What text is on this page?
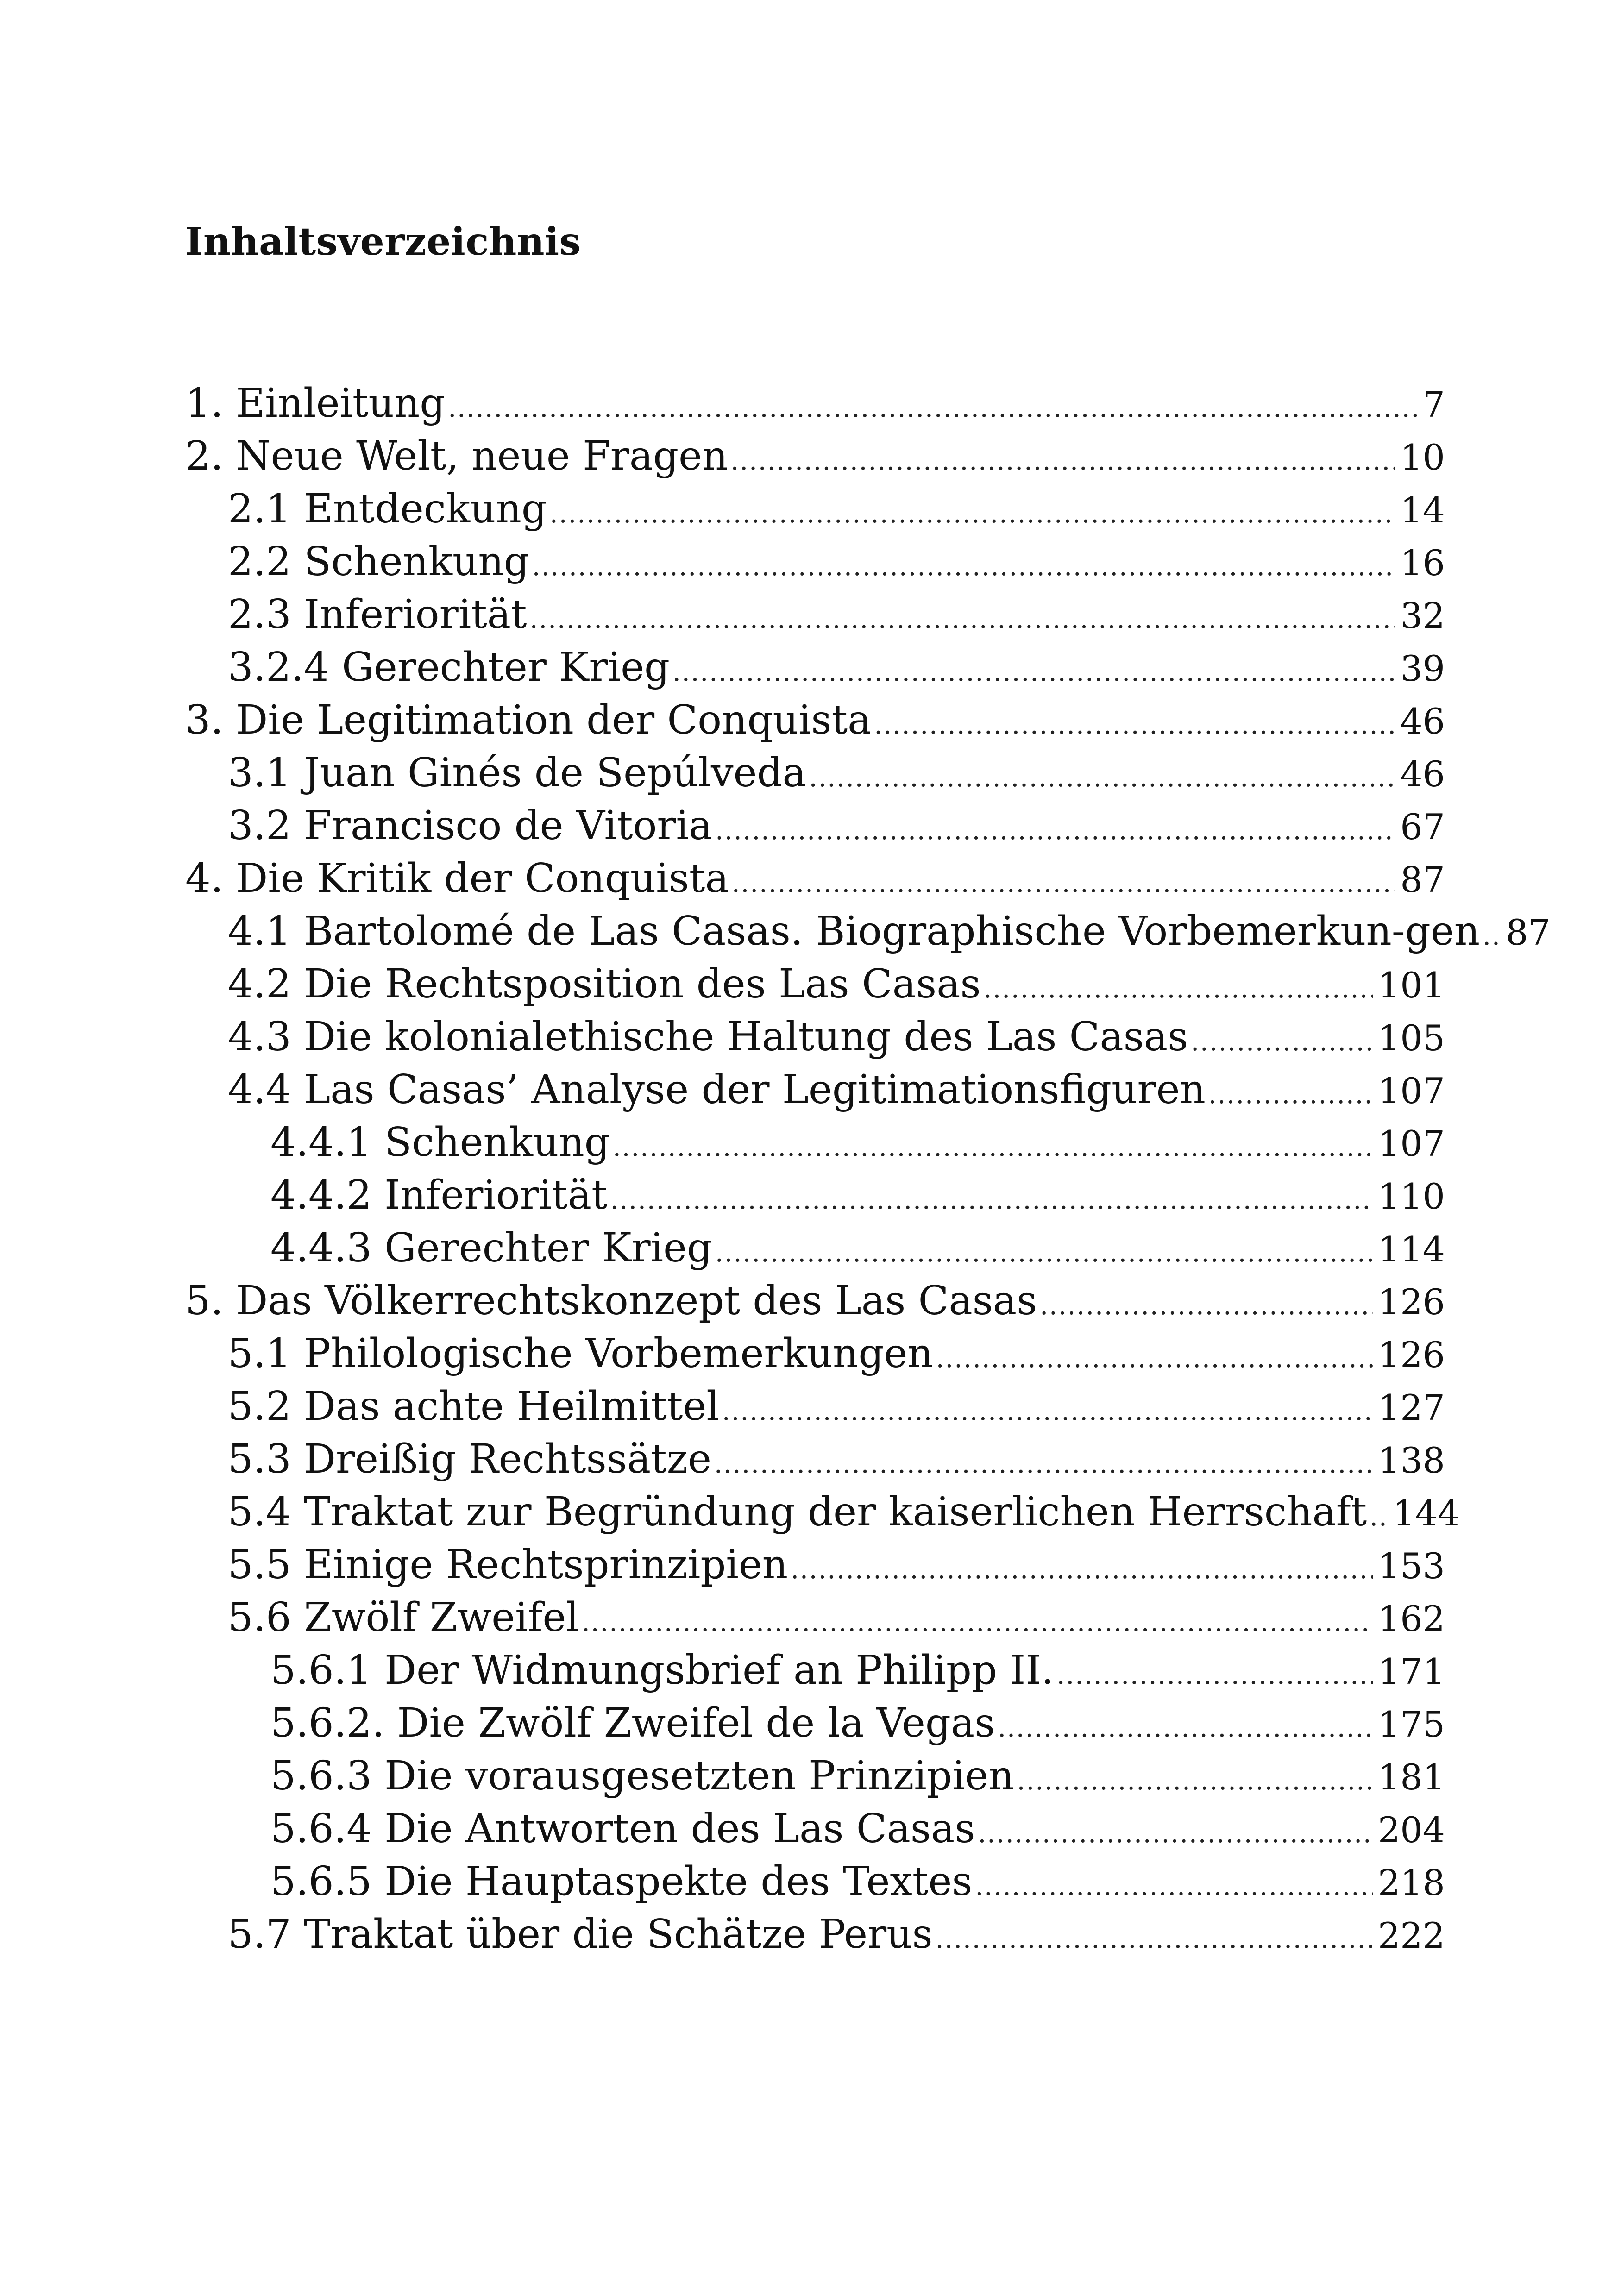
Inhaltsverzeichnis
1. Einleitung .....	7
2. Neue Welt, neue Fragen .....	10
2.1 Entdeckung .....	14
2.2 Schenkung .....	16
2.3 Inferiorität .....	32
3.2.4 Gerechter Krieg .....	39
3. Die Legitimation der Conquista .....	46
3.1 Juan Ginés de Sepúlveda .....	46
3.2 Francisco de Vitoria .....	67
4. Die Kritik der Conquista .....	87
4.1 Bartolomé de Las Casas. Biographische Vorbemerkun-gen ..... 87
4.2 Die Rechtsposition des Las Casas .....	101
4.3 Die kolonialethische Haltung des Las Casas .....	105
4.4 Las Casas’ Analyse der Legitimationsfiguren .....	107
4.4.1 Schenkung .....	107
4.4.2 Inferiorität .....	110
4.4.3 Gerechter Krieg .....	114
5. Das Völkerrechtskonzept des Las Casas .....	126
5.1 Philologische Vorbemerkungen .....	126
5.2 Das achte Heilmittel .....	127
5.3 Dreißig Rechtssätze .....	138
5.4 Traktat zur Begründung der kaiserlichen Herrschaft ..... 144
5.5 Einige Rechtsprinzipien .....	153
5.6 Zwölf Zweifel .....	162
5.6.1 Der Widmungsbrief an Philipp II. .....	171
5.6.2. Die Zwölf Zweifel de la Vegas .....	175
5.6.3 Die vorausgesetzten Prinzipien .....	181
5.6.4 Die Antworten des Las Casas .....	204
5.6.5 Die Hauptaspekte des Textes .....	218
5.7 Traktat über die Schätze Perus .....	222
